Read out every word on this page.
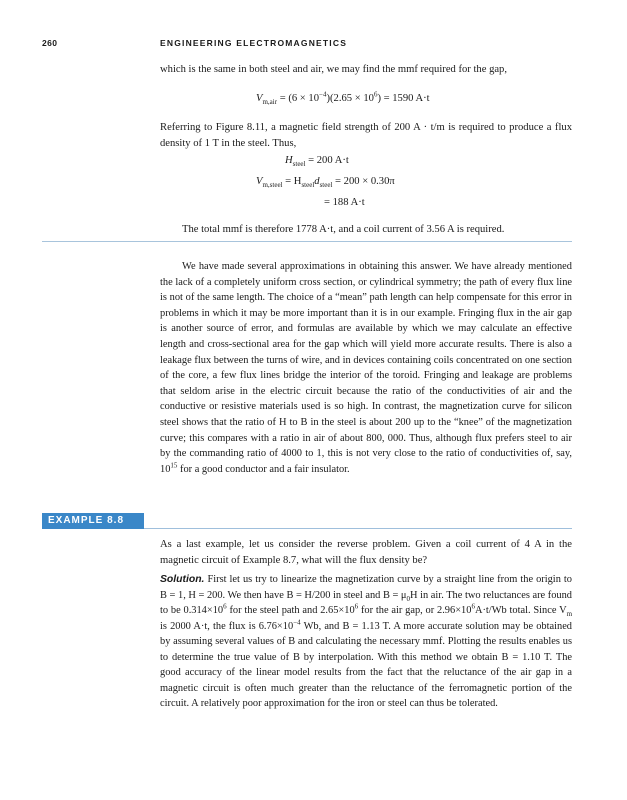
260	ENGINEERING ELECTROMAGNETICS
which is the same in both steel and air, we may find the mmf required for the gap,
$V_{m,air} = (6 \times 10^{-4})(2.65 \times 10^6) = 1590$ A·t
Referring to Figure 8.11, a magnetic field strength of 200 A · t/m is required to produce a flux density of 1 T in the steel. Thus,
$H_{steel} = 200$ A·t
$V_{m,steel} = H_{steel}d_{steel} = 200 \times 0.30\pi$
= 188 A·t
The total mmf is therefore 1778 A·t, and a coil current of 3.56 A is required.
We have made several approximations in obtaining this answer. We have already mentioned the lack of a completely uniform cross section, or cylindrical symmetry; the path of every flux line is not of the same length. The choice of a “mean” path length can help compensate for this error in problems in which it may be more important than it is in our example. Fringing flux in the air gap is another source of error, and formulas are available by which we may calculate an effective length and cross-sectional area for the gap which will yield more accurate results. There is also a leakage flux between the turns of wire, and in devices containing coils concentrated on one section of the core, a few flux lines bridge the interior of the toroid. Fringing and leakage are problems that seldom arise in the electric circuit because the ratio of the conductivities of air and the conductive or resistive materials used is so high. In contrast, the magnetization curve for silicon steel shows that the ratio of H to B in the steel is about 200 up to the “knee” of the magnetization curve; this compares with a ratio in air of about 800, 000. Thus, although flux prefers steel to air by the commanding ratio of 4000 to 1, this is not very close to the ratio of conductivities of, say, $10^{15}$ for a good conductor and a fair insulator.
EXAMPLE 8.8
As a last example, let us consider the reverse problem. Given a coil current of 4 A in the magnetic circuit of Example 8.7, what will the flux density be?
Solution. First let us try to linearize the magnetization curve by a straight line from the origin to B = 1, H = 200. We then have B = H/200 in steel and $B = \mu_0H$ in air. The two reluctances are found to be $0.314\times 10^6$ for the steel path and $2.65\times 10^6$ for the air gap, or $2.96\times 10^6A\cdot t/Wb$ total. Since $V_m$ is 2000 A·t, the flux is $6.76\times 10^{-4}$ Wb, and B = 1.13 T. A more accurate solution may be obtained by assuming several values of B and calculating the necessary mmf. Plotting the results enables us to determine the true value of B by interpolation. With this method we obtain B = 1.10 T. The good accuracy of the linear model results from the fact that the reluctance of the air gap in a magnetic circuit is often much greater than the reluctance of the ferromagnetic portion of the circuit. A relatively poor approximation for the iron or steel can thus be tolerated.
